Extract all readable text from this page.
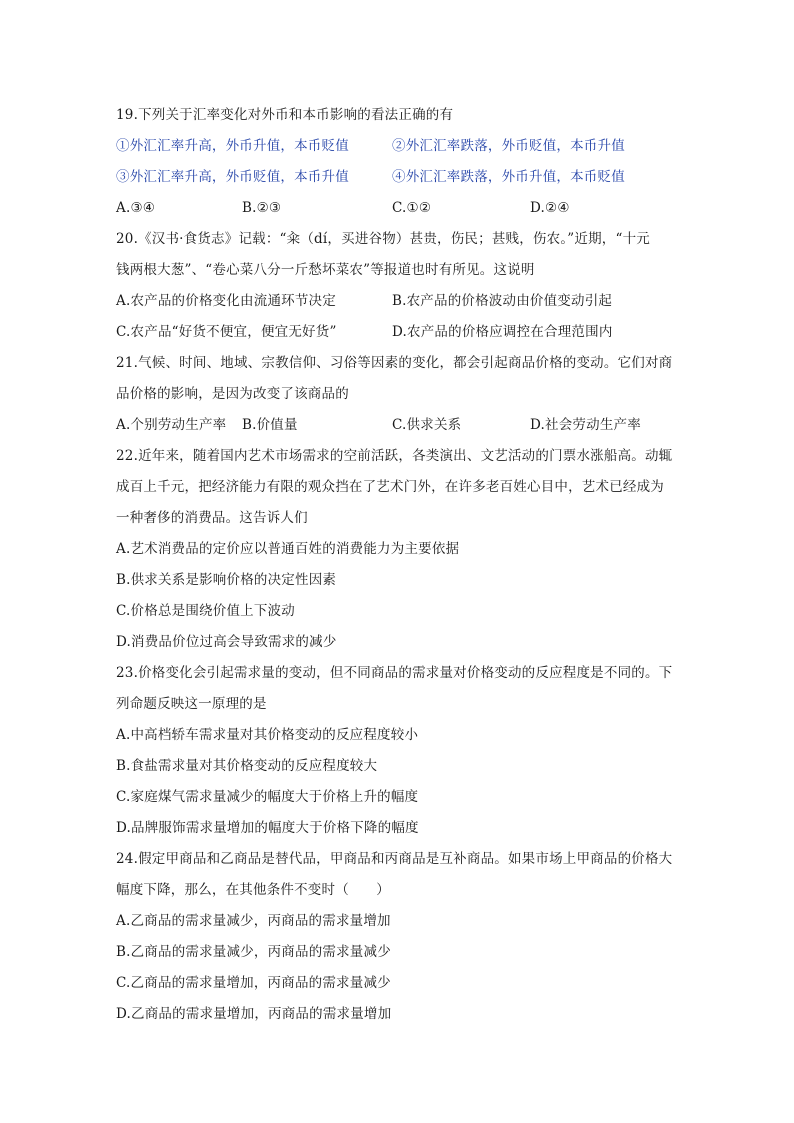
19.下列关于汇率变化对外币和本币影响的看法正确的有
①外汇汇率升高，外币升值，本币贬值	②外汇汇率跌落，外币贬值，本币升值
③外汇汇率升高，外币贬值，本币升值	④外汇汇率跌落，外币升值，本币贬值
A.③④	B.②③	C.①②	D.②④
20.《汉书·食货志》记载：“籴（dí，买进谷物）甚贵，伤民；甚贱，伤农。”近期，“十元
钱两根大葱”、“卷心菜八分一斤愁坏菜农”等报道也时有所见。这说明
A.农产品的价格变化由流通环节决定	B.农产品的价格波动由价值变动引起
C.农产品“好货不便宜，便宜无好货”	D.农产品的价格应调控在合理范围内
21.气候、时间、地域、宗教信仰、习俗等因素的变化，都会引起商品价格的变动。它们对商
品价格的影响，是因为改变了该商品的
A.个别劳动生产率 B.价值量	C.供求关系	D.社会劳动生产率
22.近年来，随着国内艺术市场需求的空前活跃，各类演出、文艺活动的门票水涨船高。动辄
成百上千元，把经济能力有限的观众挡在了艺术门外，在许多老百姓心目中，艺术已经成为
一种奢侈的消费品。这告诉人们
A.艺术消费品的定价应以普通百姓的消费能力为主要依据
B.供求关系是影响价格的决定性因素
C.价格总是围绕价值上下波动
D.消费品价位过高会导致需求的减少
23.价格变化会引起需求量的变动，但不同商品的需求量对价格变动的反应程度是不同的。下
列命题反映这一原理的是
A.中高档轿车需求量对其价格变动的反应程度较小
B.食盐需求量对其价格变动的反应程度较大
C.家庭煤气需求量减少的幅度大于价格上升的幅度
D.品牌服饰需求量增加的幅度大于价格下降的幅度
24.假定甲商品和乙商品是替代品，甲商品和丙商品是互补商品。如果市场上甲商品的价格大
幅度下降，那么，在其他条件不变时（　　）
A.乙商品的需求量减少，丙商品的需求量增加
B.乙商品的需求量减少，丙商品的需求量减少
C.乙商品的需求量增加，丙商品的需求量减少
D.乙商品的需求量增加，丙商品的需求量增加
